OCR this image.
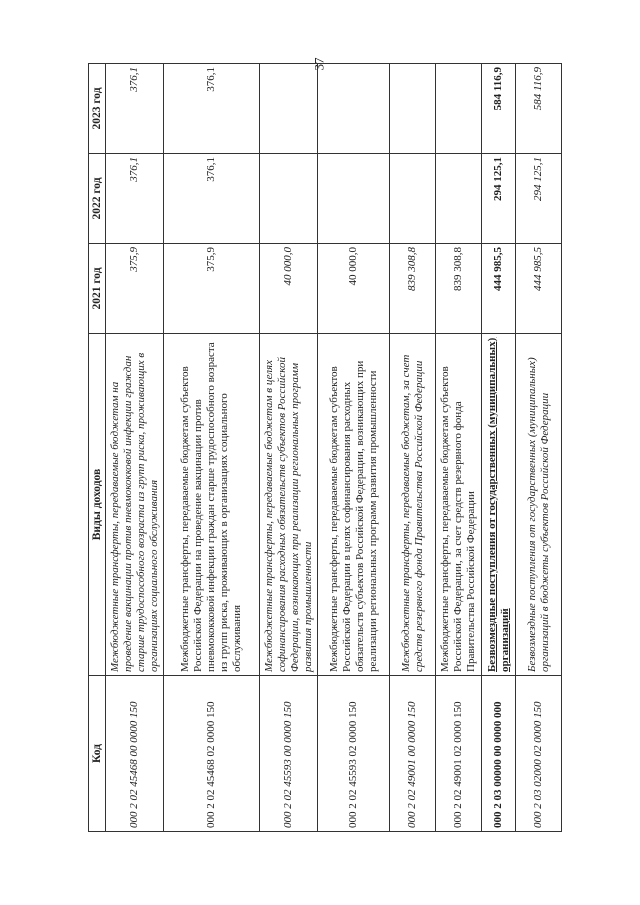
37
Код	Виды доходов	2021 год	2022 год	2023 год
000 2 02 45468 00 0000 150	Межбюджетные трансферты, передаваемые бюджетам на проведение вакцинации против пневмококковой инфекции граждан старше трудоспособного возраста из групп риска, проживающих в организациях социального обслуживания	375,9	376,1	376,1
000 2 02 45468 02 0000 150	Межбюджетные трансферты, передаваемые бюджетам субъектов Российской Федерации на проведение вакцинации против пневмококковой инфекции граждан старше трудоспособного возраста из групп риска, проживающих в организациях социального обслуживания	375,9	376,1	376,1
000 2 02 45593 00 0000 150	Межбюджетные трансферты, передаваемые бюджетам в целях софинансирования расходных обязательств субъектов Российской Федерации, возникающих при реализации региональных программ развития промышленности	40 000,0		
000 2 02 45593 02 0000 150	Межбюджетные трансферты, передаваемые бюджетам субъектов Российской Федерации в целях софинансирования расходных обязательств субъектов Российской Федерации, возникающих при реализации региональных программ развития промышленности	40 000,0		
000 2 02 49001 00 0000 150	Межбюджетные трансферты, передаваемые бюджетам, за счет средств резервного фонда Правительства Российской Федерации	839 308,8		
000 2 02 49001 02 0000 150	Межбюджетные трансферты, передаваемые бюджетам субъектов Российской Федерации, за счет средств резервного фонда Правительства Российской Федерации	839 308,8		
000 2 03 00000 00 0000 000	Безвозмездные поступления от государственных (муниципальных) организаций	444 985,5	294 125,1	584 116,9
000 2 03 02000 02 0000 150	Безвозмездные поступления от государственных (муниципальных) организаций в бюджеты субъектов Российской Федерации	444 985,5	294 125,1	584 116,9
